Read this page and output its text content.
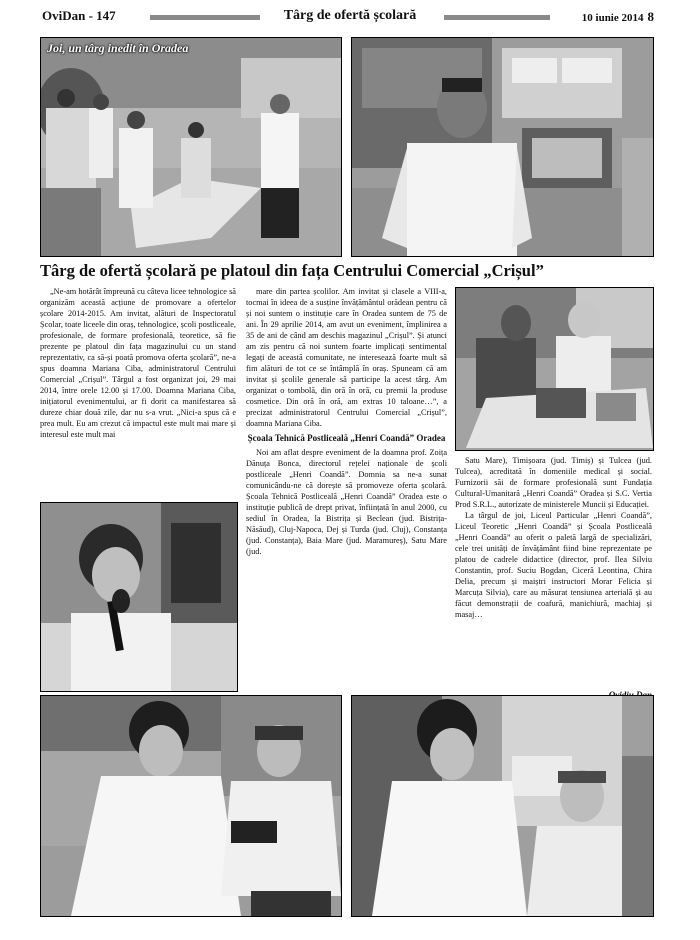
OviDan - 147	Târg de ofertă școlară	10 iunie 2014 8
Joi, un târg inedit în Oradea
Târg de ofertă școlară pe platoul din fața Centrului Comercial „Crișul”

„Ne-am hotărât împreună cu câteva licee tehnologice să organizăm această acțiune de promovare a ofertelor școlare 2014-2015. Am invitat, alături de Inspectoratul Școlar, toate liceele din oraș, tehnologice, școli postliceale, profesionale, de formare profesională, teoretice, să fie prezente pe platoul din fața magazinului cu un stand reprezentativ, ca să-și poată promova oferta școlară”, ne-a spus doamna Mariana Ciba, administratorul Centrului Comercial „Crișul”. Târgul a fost organizat joi, 29 mai 2014, între orele 12.00 și 17.00. Doamna Mariana Ciba, inițiatorul evenimentului, ar fi dorit ca manifestarea să dureze chiar două zile, dar nu s-a vrut. „Nici-a spus că e prea mult. Eu am crezut că impactul este mult mai mare și interesul este mult mai

mare din partea școlilor. Am invitat și clasele a VIII-a, tocmai în ideea de a susține învățământul orădean pentru că și noi suntem o instituție care în Oradea suntem de 75 de ani. În 29 aprilie 2014, am avut un eveniment, împlinirea a 35 de ani de când am deschis magazinul „Crișul”. Și atunci am zis pentru că noi suntem foarte implicați sentimental legați de această comunitate, ne interesează foarte mult să fim alături de tot ce se întâmplă în oraș. Spuneam că am invitat și școlile generale să participe la acest târg. Am organizat o tombolă, din oră în oră, cu premii la produse cosmetice. Din oră în oră, am extras 10 taloane…”, a precizat administratorul Centrului Comercial „Crișul”, doamna Mariana Ciba.

Școala Tehnică Postliceală „Henri Coandă” Oradea

Noi am aflat despre eveniment de la doamna prof. Zoița Dănuța Bonca, directorul rețelei naționale de școli postliceale „Henri Coandă”. Domnia sa ne-a sunat comunicându-ne că dorește să promoveze oferta școlară. Școala Tehnică Postliceală „Henri Coandă” Oradea este o instituție publică de drept privat, înființată în anul 2000, cu sediul în Oradea, la Bistrița și Beclean (jud. Bistrița-Năsăud), Cluj-Napoca, Dej și Turda (jud. Cluj), Constanța (jud. Constanța), Baia Mare (jud. Maramureș), Satu Mare (jud.

Satu Mare), Timișoara (jud. Timiș) și Tulcea (jud. Tulcea), acreditată în domeniile medical și social. Furnizorii săi de formare profesională sunt Fundația Cultural-Umanitară „Henri Coandă” Oradea și S.C. Vertia Prod S.R.L., autorizate de ministerele Muncii și Educației.

La târgul de joi, Liceul Particular „Henri Coandă”, Liceul Teoretic „Henri Coandă” și Școala Postliceală „Henri Coandă” au oferit o paletă largă de specializări, cele trei unități de învățământ fiind bine reprezentate pe platou de cadrele didactice (director, prof. Ilea Silviu Constantin, prof. Suciu Bogdan, Ciceră Leontina, Chira Delia, precum și maiștri instructori Morar Felicia și Marcuța Silvia), care au măsurat tensiunea arterială și au făcut demonstrații de coafură, manichiură, machiaj și masaj…
